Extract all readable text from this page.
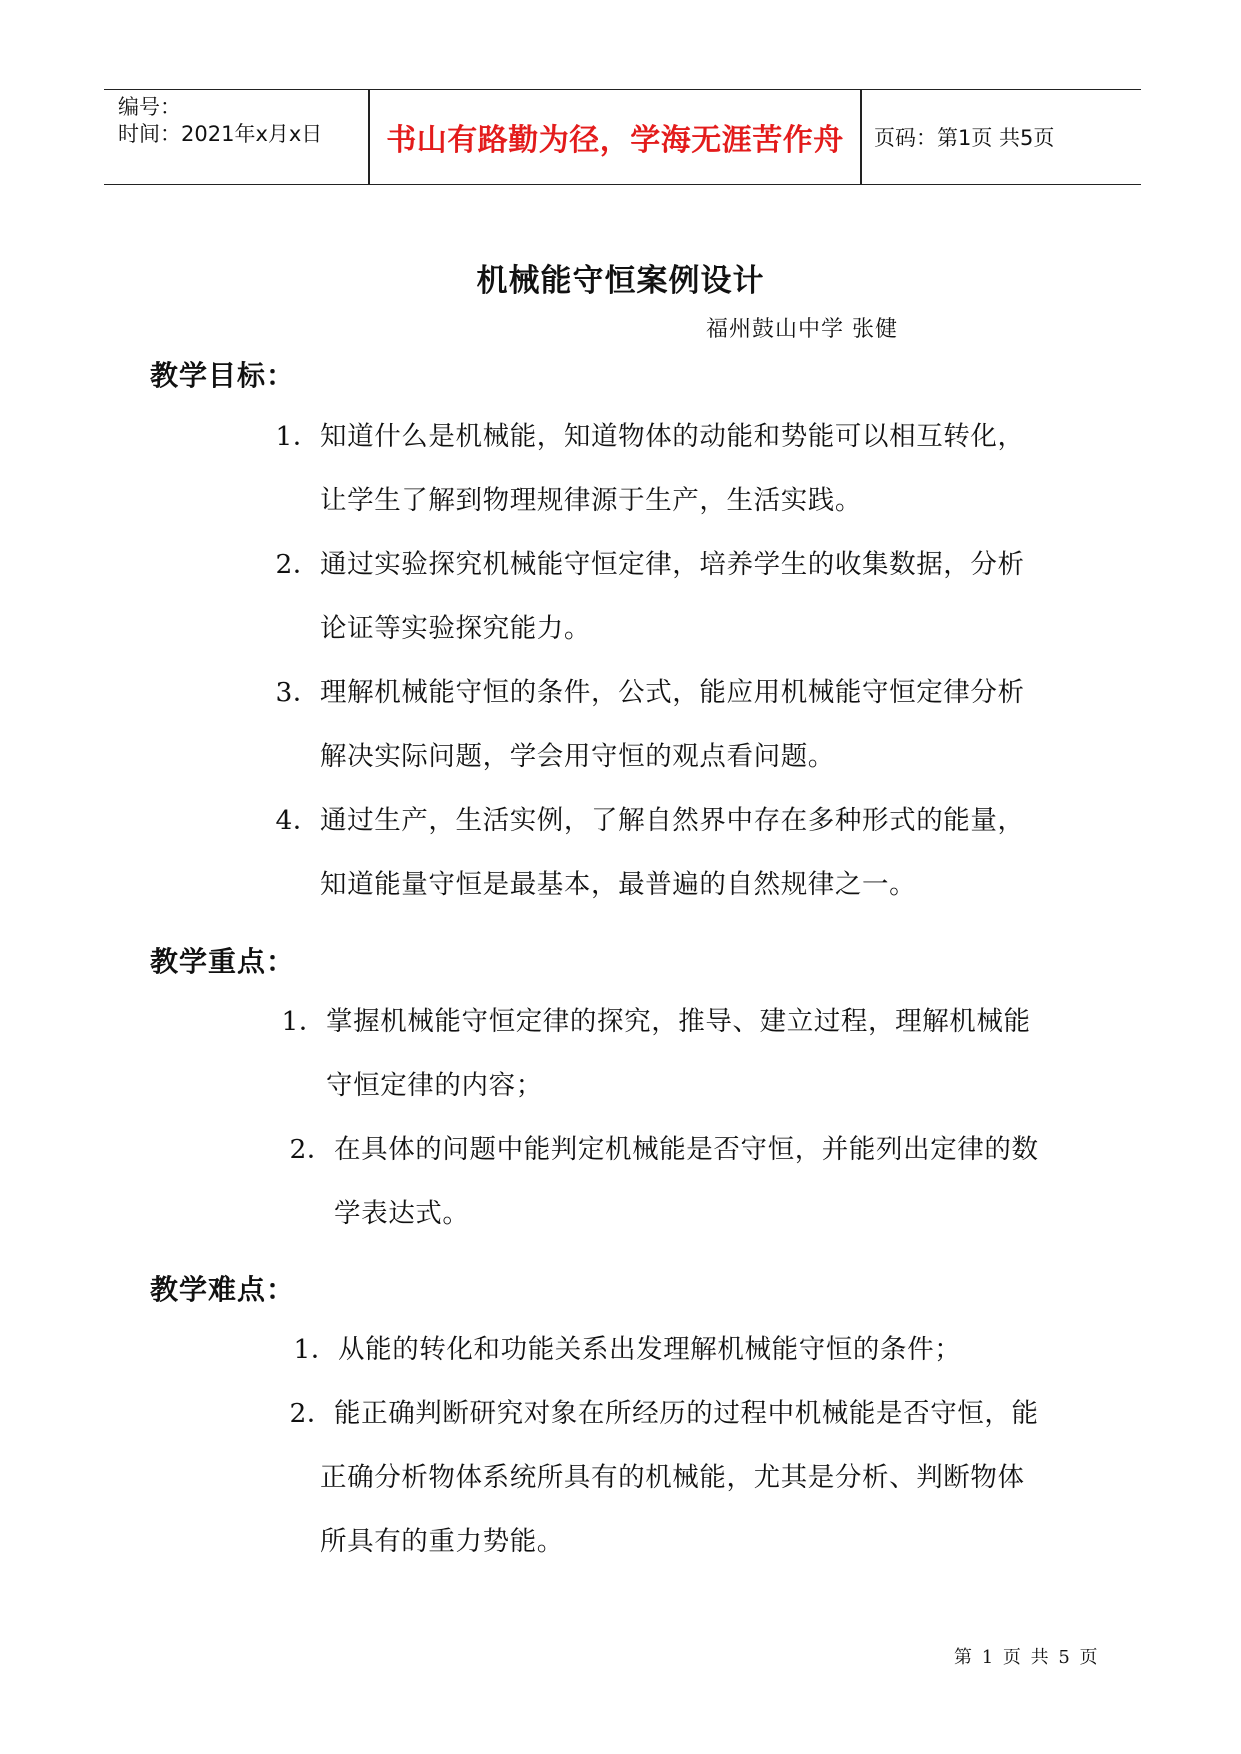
编号：
时间：2021年x月x日	书山有路勤为径，学海无涯苦作舟	页码：第1页 共5页
机械能守恒案例设计
福州鼓山中学 张健
教学目标：
1． 知道什么是机械能，知道物体的动能和势能可以相互转化，
让学生了解到物理规律源于生产，生活实践。
2． 通过实验探究机械能守恒定律，培养学生的收集数据，分析
论证等实验探究能力。
3． 理解机械能守恒的条件，公式，能应用机械能守恒定律分析
解决实际问题，学会用守恒的观点看问题。
4． 通过生产，生活实例，了解自然界中存在多种形式的能量，
知道能量守恒是最基本，最普遍的自然规律之一。
教学重点：
1． 掌握机械能守恒定律的探究，推导、建立过程，理解机械能
守恒定律的内容；
2． 在具体的问题中能判定机械能是否守恒，并能列出定律的数
学表达式。
教学难点：
1． 从能的转化和功能关系出发理解机械能守恒的条件；
2． 能正确判断研究对象在所经历的过程中机械能是否守恒，能
正确分析物体系统所具有的机械能，尤其是分析、判断物体
所具有的重力势能。
第 1 页 共 5 页
